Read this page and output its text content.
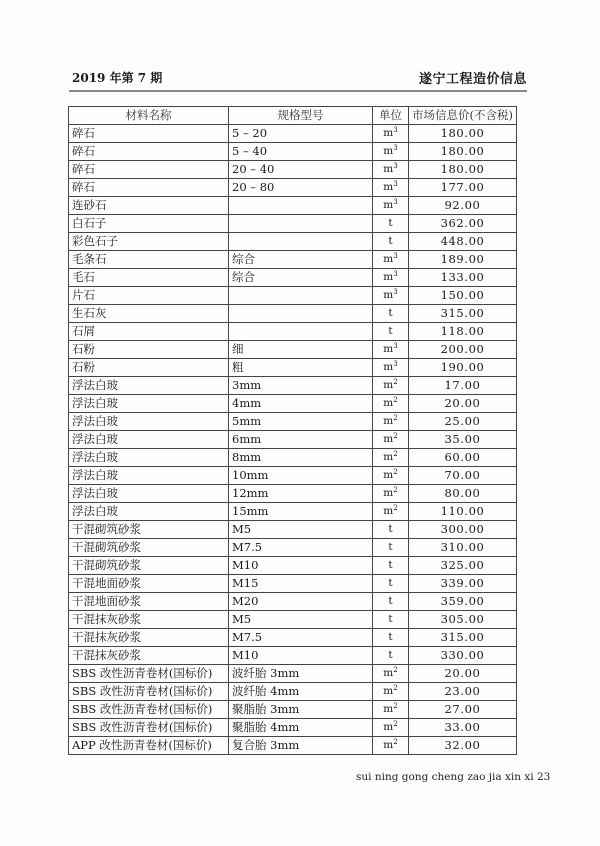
2019 年第 7 期	遂宁工程造价信息
材料名称	规格型号	单位	市场信息价(不含税)
碎石	5 – 20	$m^3$	180.00
碎石	5 – 40	$m^3$	180.00
碎石	20 – 40	$m^3$	180.00
碎石	20 – 80	$m^3$	177.00
连砂石		$m^3$	92.00
白石子		t	362.00
彩色石子		t	448.00
毛条石	综合	$m^3$	189.00
毛石	综合	$m^3$	133.00
片石		$m^3$	150.00
生石灰		t	315.00
石屑		t	118.00
石粉	细	$m^3$	200.00
石粉	粗	$m^3$	190.00
浮法白玻	3mm	$m^2$	17.00
浮法白玻	4mm	$m^2$	20.00
浮法白玻	5mm	$m^2$	25.00
浮法白玻	6mm	$m^2$	35.00
浮法白玻	8mm	$m^2$	60.00
浮法白玻	10mm	$m^2$	70.00
浮法白玻	12mm	$m^2$	80.00
浮法白玻	15mm	$m^2$	110.00
干混砌筑砂浆	M5	t	300.00
干混砌筑砂浆	M7.5	t	310.00
干混砌筑砂浆	M10	t	325.00
干混地面砂浆	M15	t	339.00
干混地面砂浆	M20	t	359.00
干混抹灰砂浆	M5	t	305.00
干混抹灰砂浆	M7.5	t	315.00
干混抹灰砂浆	M10	t	330.00
SBS 改性沥青卷材(国标价)	波纤胎 3mm	$m^2$	20.00
SBS 改性沥青卷材(国标价)	波纤胎 4mm	$m^2$	23.00
SBS 改性沥青卷材(国标价)	聚脂胎 3mm	$m^2$	27.00
SBS 改性沥青卷材(国标价)	聚脂胎 4mm	$m^2$	33.00
APP 改性沥青卷材(国标价)	复合胎 3mm	$m^2$	32.00
sui ning gong cheng zao jia xin xi 23
